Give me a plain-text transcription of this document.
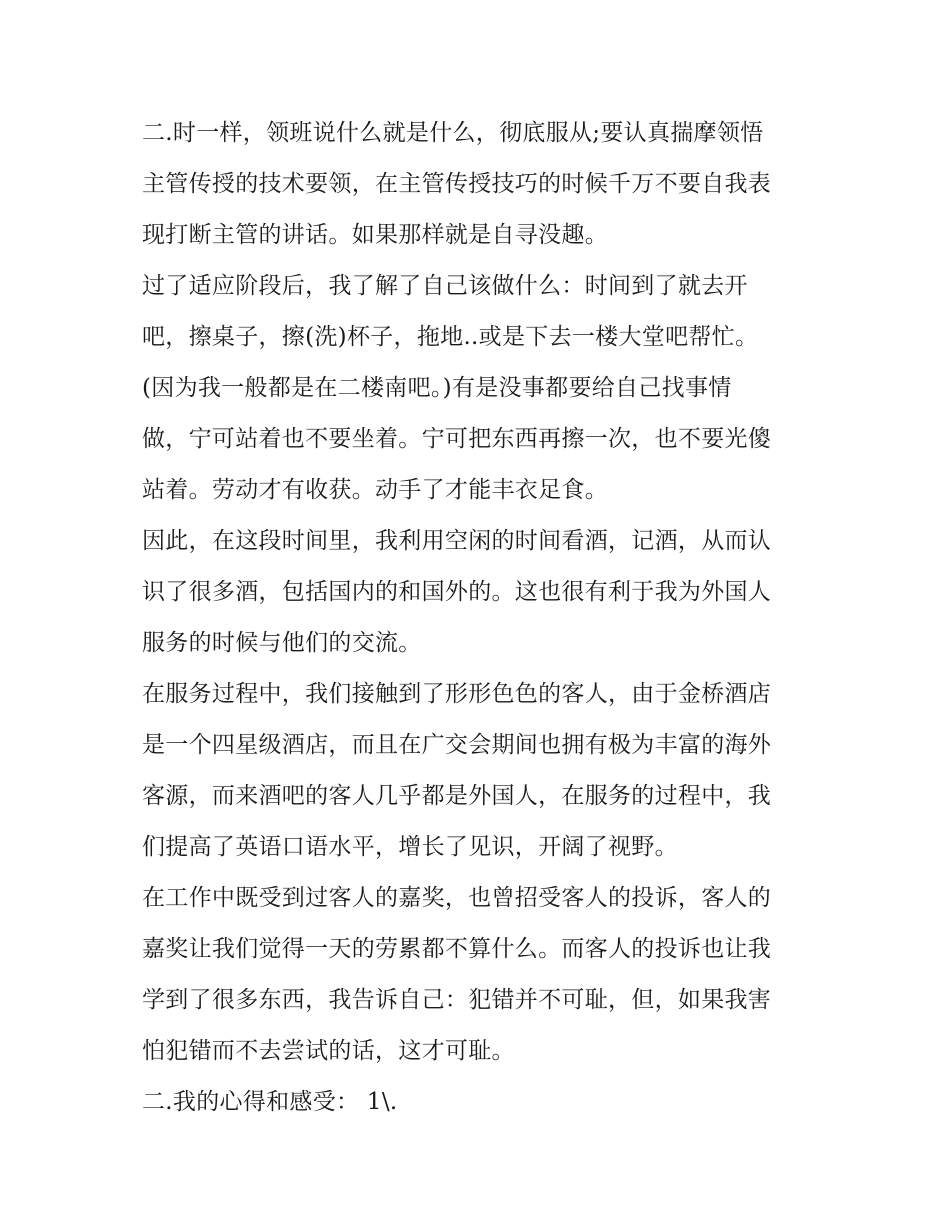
二.时一样，领班说什么就是什么，彻底服从;要认真揣摩领悟
主管传授的技术要领，在主管传授技巧的时候千万不要自我表
现打断主管的讲话。如果那样就是自寻没趣。
过了适应阶段后，我了解了自己该做什么：时间到了就去开
吧，擦桌子，擦(洗)杯子，拖地..或是下去一楼大堂吧帮忙。
(因为我一般都是在二楼南吧。)有是没事都要给自己找事情
做，宁可站着也不要坐着。宁可把东西再擦一次，也不要光傻
站着。劳动才有收获。动手了才能丰衣足食。
因此，在这段时间里，我利用空闲的时间看酒，记酒，从而认
识了很多酒，包括国内的和国外的。这也很有利于我为外国人
服务的时候与他们的交流。
在服务过程中，我们接触到了形形色色的客人，由于金桥酒店
是一个四星级酒店，而且在广交会期间也拥有极为丰富的海外
客源，而来酒吧的客人几乎都是外国人，在服务的过程中，我
们提高了英语口语水平，增长了见识，开阔了视野。
在工作中既受到过客人的嘉奖，也曾招受客人的投诉，客人的
嘉奖让我们觉得一天的劳累都不算什么。而客人的投诉也让我
学到了很多东西，我告诉自己：犯错并不可耻，但，如果我害
怕犯错而不去尝试的话，这才可耻。
二.我的心得和感受： 1\.
